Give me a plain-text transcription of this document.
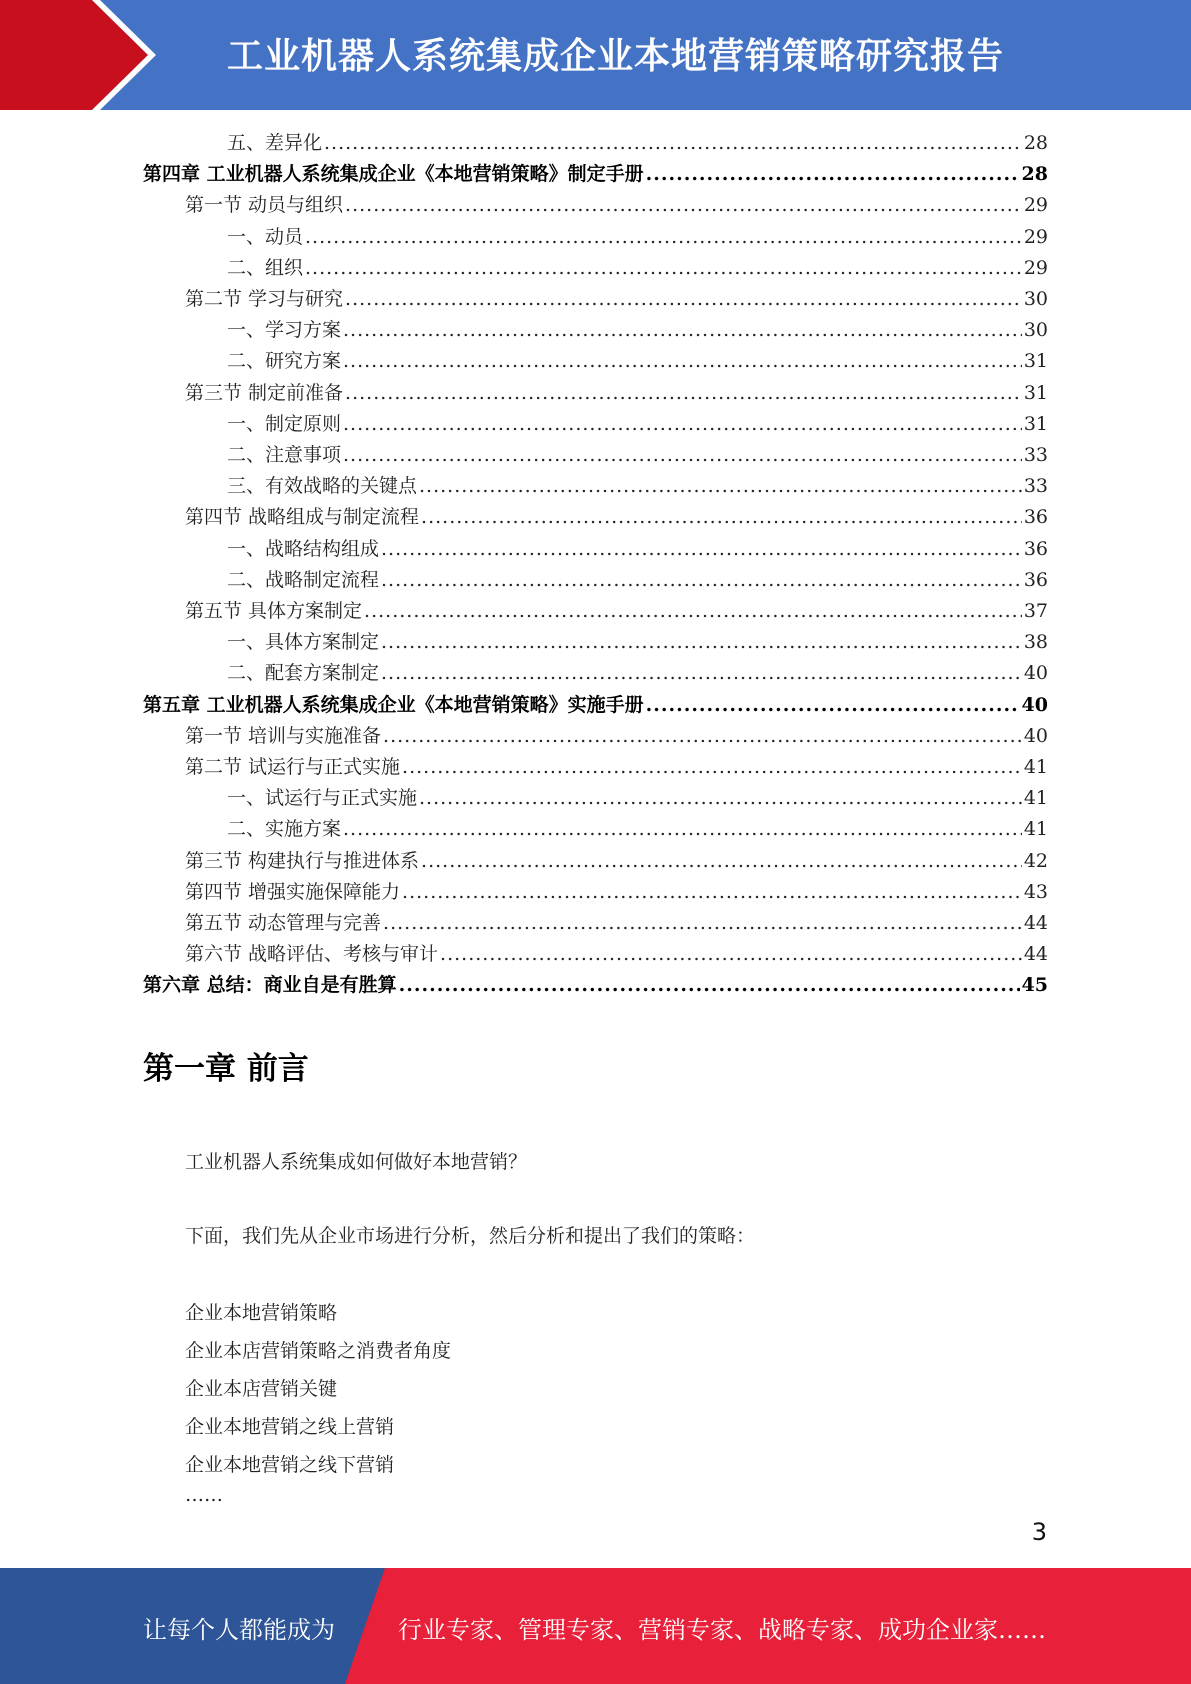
工业机器人系统集成企业本地营销策略研究报告
五、差异化 .....	28
第四章 工业机器人系统集成企业《本地营销策略》制定手册 .....	28
第一节 动员与组织 .....	29
一、动员 .....	29
二、组织 .....	29
第二节 学习与研究 .....	30
一、学习方案 .....	30
二、研究方案 .....	31
第三节 制定前准备 .....	31
一、制定原则 .....	31
二、注意事项 .....	33
三、有效战略的关键点 .....	33
第四节 战略组成与制定流程 .....	36
一、战略结构组成 .....	36
二、战略制定流程 .....	36
第五节 具体方案制定 .....	37
一、具体方案制定 .....	38
二、配套方案制定 .....	40
第五章 工业机器人系统集成企业《本地营销策略》实施手册 .....	40
第一节 培训与实施准备 .....	40
第二节 试运行与正式实施 .....	41
一、试运行与正式实施 .....	41
二、实施方案 .....	41
第三节 构建执行与推进体系 .....	42
第四节 增强实施保障能力 .....	43
第五节 动态管理与完善 .....	44
第六节 战略评估、考核与审计 .....	44
第六章 总结：商业自是有胜算 .....	45
第一章 前言
工业机器人系统集成如何做好本地营销？
下面，我们先从企业市场进行分析，然后分析和提出了我们的策略：
企业本地营销策略
企业本店营销策略之消费者角度
企业本店营销关键
企业本地营销之线上营销
企业本地营销之线下营销
……
3
让每个人都能成为	行业专家、管理专家、营销专家、战略专家、成功企业家……
